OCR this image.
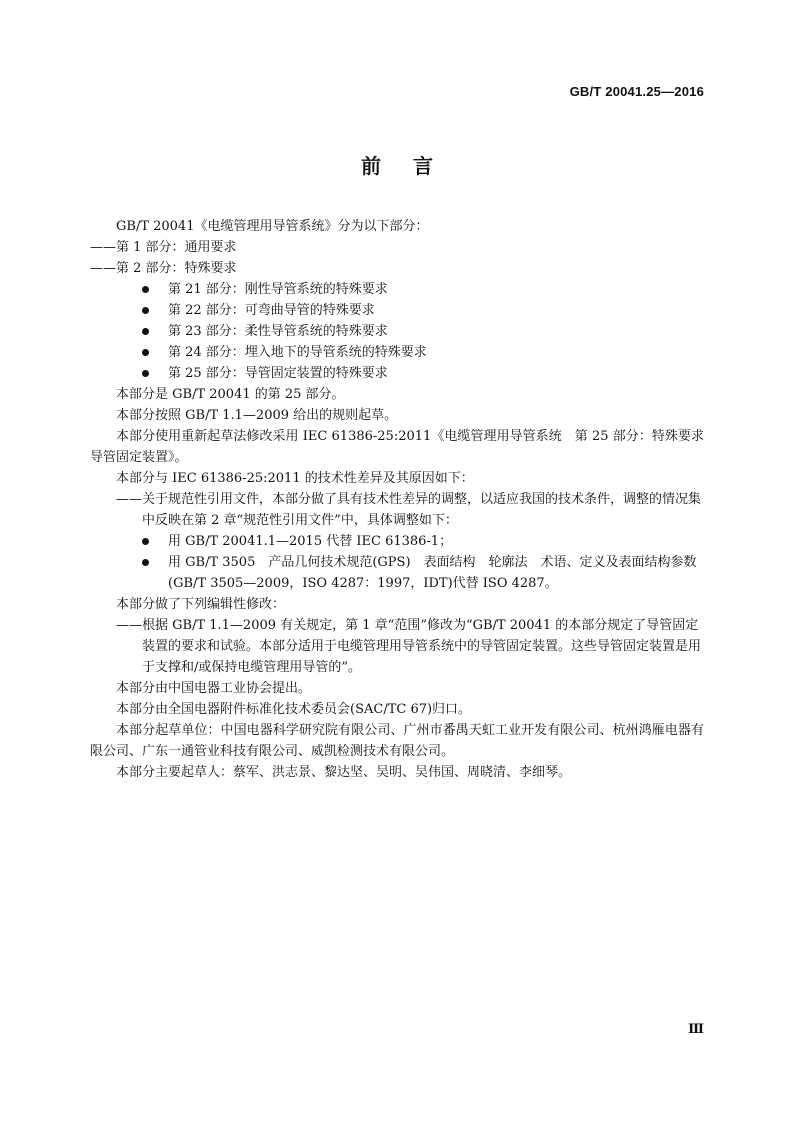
GB/T 20041.25—2016
前言

GB/T 20041《电缆管理用导管系统》分为以下部分：

——第 1 部分：通用要求

——第 2 部分：特殊要求

第 21 部分：刚性导管系统的特殊要求

第 22 部分：可弯曲导管的特殊要求

第 23 部分：柔性导管系统的特殊要求

第 24 部分：埋入地下的导管系统的特殊要求

第 25 部分：导管固定装置的特殊要求

本部分是 GB/T 20041 的第 25 部分。

本部分按照 GB/T 1.1—2009 给出的规则起草。

本部分使用重新起草法修改采用 IEC 61386-25:2011《电缆管理用导管系统　第 25 部分：特殊要求导管固定装置》。

本部分与 IEC 61386-25:2011 的技术性差异及其原因如下：

——关于规范性引用文件，本部分做了具有技术性差异的调整，以适应我国的技术条件，调整的情况集中反映在第 2 章“规范性引用文件”中，具体调整如下：

用 GB/T 20041.1—2015 代替 IEC 61386-1；

用 GB/T 3505　产品几何技术规范(GPS)　表面结构　轮廓法　术语、定义及表面结构参数(GB/T 3505—2009，ISO 4287：1997，IDT)代替 ISO 4287。

本部分做了下列编辑性修改：

——根据 GB/T 1.1—2009 有关规定，第 1 章“范围”修改为“GB/T 20041 的本部分规定了导管固定装置的要求和试验。本部分适用于电缆管理用导管系统中的导管固定装置。这些导管固定装置是用于支撑和/或保持电缆管理用导管的”。

本部分由中国电器工业协会提出。

本部分由全国电器附件标准化技术委员会(SAC/TC 67)归口。

本部分起草单位：中国电器科学研究院有限公司、广州市番禺天虹工业开发有限公司、杭州鸿雁电器有限公司、广东一通管业科技有限公司、威凯检测技术有限公司。

本部分主要起草人：蔡军、洪志景、黎达坚、吴明、吴伟国、周晓清、李细琴。

Ⅲ
